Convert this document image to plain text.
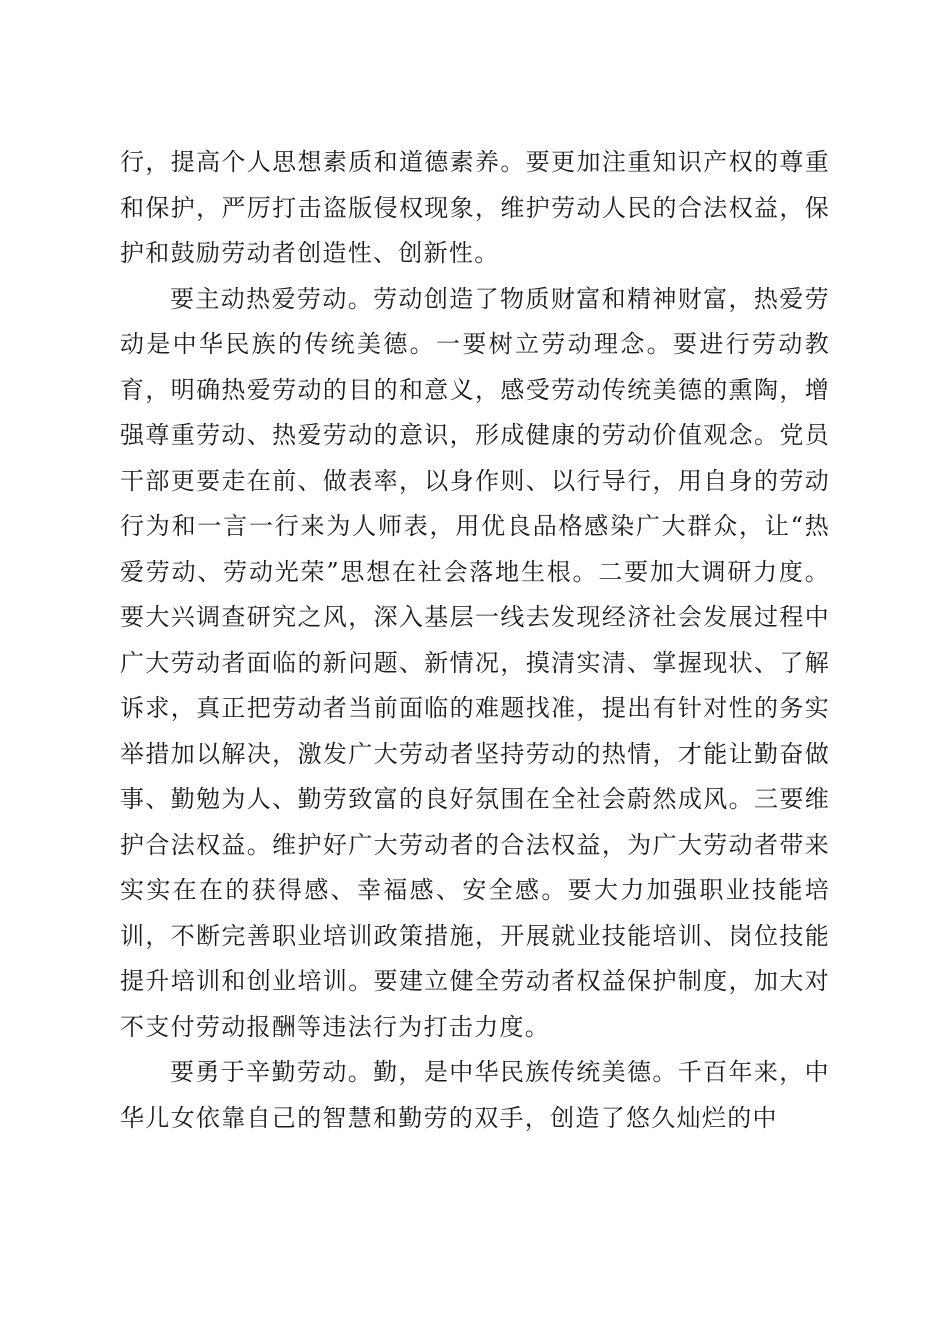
行，提高个人思想素质和道德素养。要更加注重知识产权的尊重和保护，严厉打击盗版侵权现象，维护劳动人民的合法权益，保护和鼓励劳动者创造性、创新性。

要主动热爱劳动。劳动创造了物质财富和精神财富，热爱劳动是中华民族的传统美德。一要树立劳动理念。要进行劳动教育，明确热爱劳动的目的和意义，感受劳动传统美德的熏陶，增强尊重劳动、热爱劳动的意识，形成健康的劳动价值观念。党员干部更要走在前、做表率，以身作则、以行导行，用自身的劳动行为和一言一行来为人师表，用优良品格感染广大群众，让“热爱劳动、劳动光荣”思想在社会落地生根。二要加大调研力度。要大兴调查研究之风，深入基层一线去发现经济社会发展过程中广大劳动者面临的新问题、新情况，摸清实清、掌握现状、了解诉求，真正把劳动者当前面临的难题找准，提出有针对性的务实举措加以解决，激发广大劳动者坚持劳动的热情，才能让勤奋做事、勤勉为人、勤劳致富的良好氛围在全社会蔚然成风。三要维护合法权益。维护好广大劳动者的合法权益，为广大劳动者带来实实在在的获得感、幸福感、安全感。要大力加强职业技能培训，不断完善职业培训政策措施，开展就业技能培训、岗位技能提升培训和创业培训。要建立健全劳动者权益保护制度，加大对不支付劳动报酬等违法行为打击力度。

要勇于辛勤劳动。勤，是中华民族传统美德。千百年来，中华儿女依靠自己的智慧和勤劳的双手，创造了悠久灿烂的中
